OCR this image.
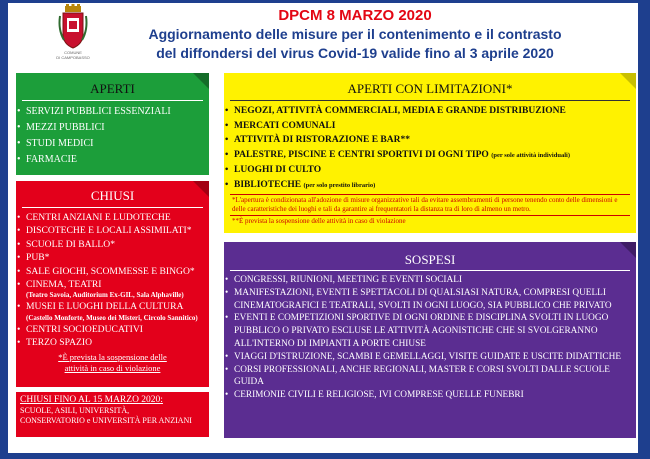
COMUNE
DI CAMPOBASSO
DPCM 8 MARZO 2020
Aggiornamento delle misure per il contenimento e il contrasto
del diffondersi del virus Covid-19 valide fino al 3 aprile 2020
APERTI
• SERVIZI PUBBLICI ESSENZIALI
• MEZZI PUBBLICI
• STUDI MEDICI
• FARMACIE
CHIUSI
• CENTRI ANZIANI E LUDOTECHE
• DISCOTECHE E LOCALI ASSIMILATI*
• SCUOLE DI BALLO*
• PUB*
• SALE GIOCHI, SCOMMESSE E BINGO*
• CINEMA, TEATRI
(Teatro Savoia, Auditorium Ex-GIL, Sala Alphaville)
• MUSEI E LUOGHI DELLA CULTURA
(Castello Monforte, Museo dei Misteri, Circolo Sannitico)
• CENTRI SOCIOEDUCATIVI
• TERZO SPAZIO
*È prevista la sospensione delle
attività in caso di violazione
CHIUSI FINO AL 15 MARZO 2020:
SCUOLE, ASILI, UNIVERSITÀ,
CONSERVATORIO e UNIVERSITÀ PER ANZIANI
APERTI CON LIMITAZIONI*
• NEGOZI, ATTIVITÀ COMMERCIALI, MEDIA E GRANDE DISTRIBUZIONE
• MERCATI COMUNALI
• ATTIVITÀ DI RISTORAZIONE E BAR**
• PALESTRE, PISCINE E CENTRI SPORTIVI DI OGNI TIPO (per sole attività individuali)
• LUOGHI DI CULTO
• BIBLIOTECHE (per solo prestito librario)
*L'apertura è condizionata all'adozione di misure organizzative tali da evitare assembramenti di persone tenendo conto delle dimensioni e delle caratteristiche dei luoghi e tali da garantire ai frequentatori la distanza tra di loro di almeno un metro.
**È prevista la sospensione delle attività in caso di violazione
SOSPESI
• CONGRESSI, RIUNIONI, MEETING E EVENTI SOCIALI
• MANIFESTAZIONI, EVENTI E SPETTACOLI DI QUALSIASI NATURA, COMPRESI QUELLI CINEMATOGRAFICI E TEATRALI, SVOLTI IN OGNI LUOGO, SIA PUBBLICO CHE PRIVATO
• EVENTI E COMPETIZIONI SPORTIVE DI OGNI ORDINE E DISCIPLINA SVOLTI IN LUOGO PUBBLICO O PRIVATO ESCLUSE LE ATTIVITÀ AGONISTICHE CHE SI SVOLGERANNO ALL'INTERNO DI IMPIANTI A PORTE CHIUSE
• VIAGGI D'ISTRUZIONE, SCAMBI E GEMELLAGGI, VISITE GUIDATE E USCITE DIDATTICHE
• CORSI PROFESSIONALI, ANCHE REGIONALI, MASTER E CORSI SVOLTI DALLE SCUOLE GUIDA
• CERIMONIE CIVILI E RELIGIOSE, IVI COMPRESE QUELLE FUNEBRI
